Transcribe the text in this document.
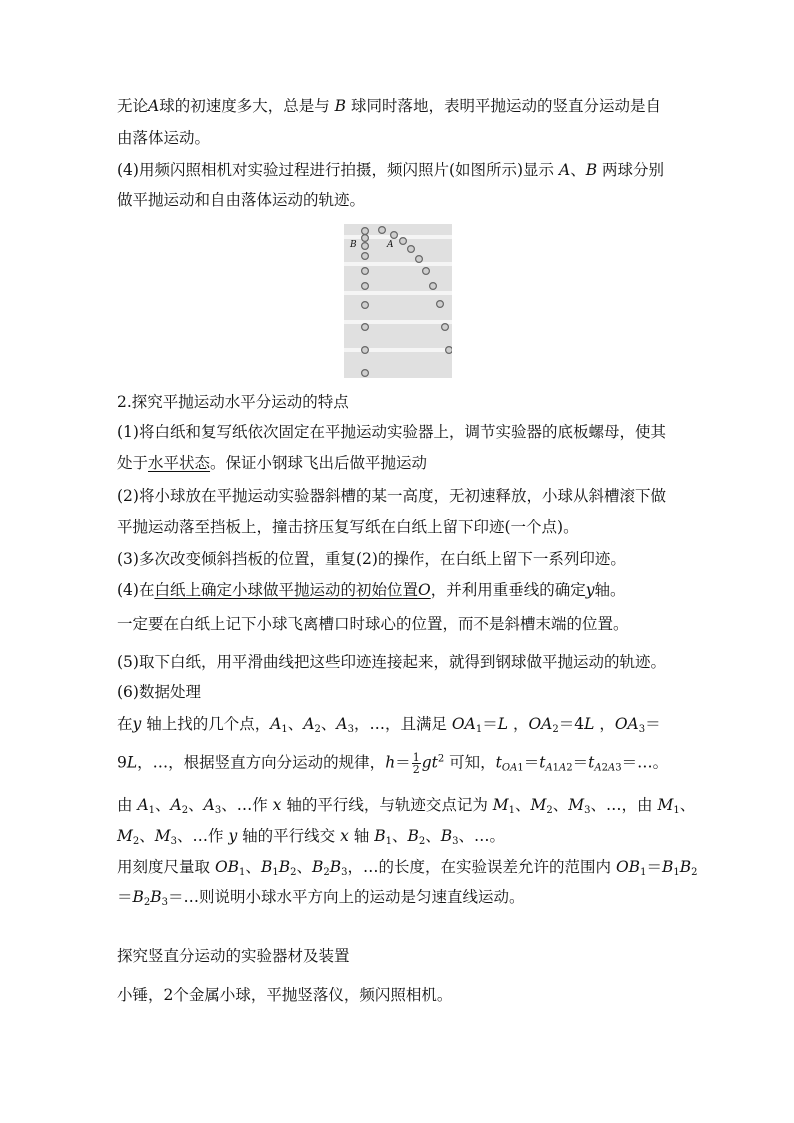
无论A球的初速度多大，总是与 B 球同时落地，表明平抛运动的竖直分运动是自
由落体运动。
(4)用频闪照相机对实验过程进行拍摄，频闪照片(如图所示)显示 A、B 两球分别
做平抛运动和自由落体运动的轨迹。
B	A
2.探究平抛运动水平分运动的特点
(1)将白纸和复写纸依次固定在平抛运动实验器上，调节实验器的底板螺母，使其
处于水平状态。保证小钢球飞出后做平抛运动
(2)将小球放在平抛运动实验器斜槽的某一高度，无初速释放，小球从斜槽滚下做
平抛运动落至挡板上，撞击挤压复写纸在白纸上留下印迹(一个点)。
(3)多次改变倾斜挡板的位置，重复(2)的操作，在白纸上留下一系列印迹。
(4)在白纸上确定小球做平抛运动的初始位置O，并利用重垂线的确定y轴。
一定要在白纸上记下小球飞离槽口时球心的位置，而不是斜槽末端的位置。
(5)取下白纸，用平滑曲线把这些印迹连接起来，就得到钢球做平抛运动的轨迹。
(6)数据处理
在y 轴上找的几个点，$A_1$、$A_2$、$A_3$，…，且满足 $OA_1=L$ ，$OA_2=4L$ ，$OA_3=$
9L，…，根据竖直方向分运动的规律，$h= \frac{1}{2} gt^2$ 可知，$t_{OA1}=t_{A1A2}=t_{A2A3}=\dots$。
由 $A_1$、$A_2$、$A_3$、…作 x 轴的平行线，与轨迹交点记为 $M_1$、$M_2$、$M_3$、…，由 $M_1$、
$M_2$、$M_3$、…作 y 轴的平行线交 x 轴 $B_1$、$B_2$、$B_3$、…。
用刻度尺量取 $OB_1$、$B_1B_2$、$B_2B_3$，…的长度，在实验误差允许的范围内 $OB_1=B_1B_2$
$=B_2B_3=\dots$则说明小球水平方向上的运动是匀速直线运动。
探究竖直分运动的实验器材及装置
小锤，2个金属小球，平抛竖落仪，频闪照相机。
